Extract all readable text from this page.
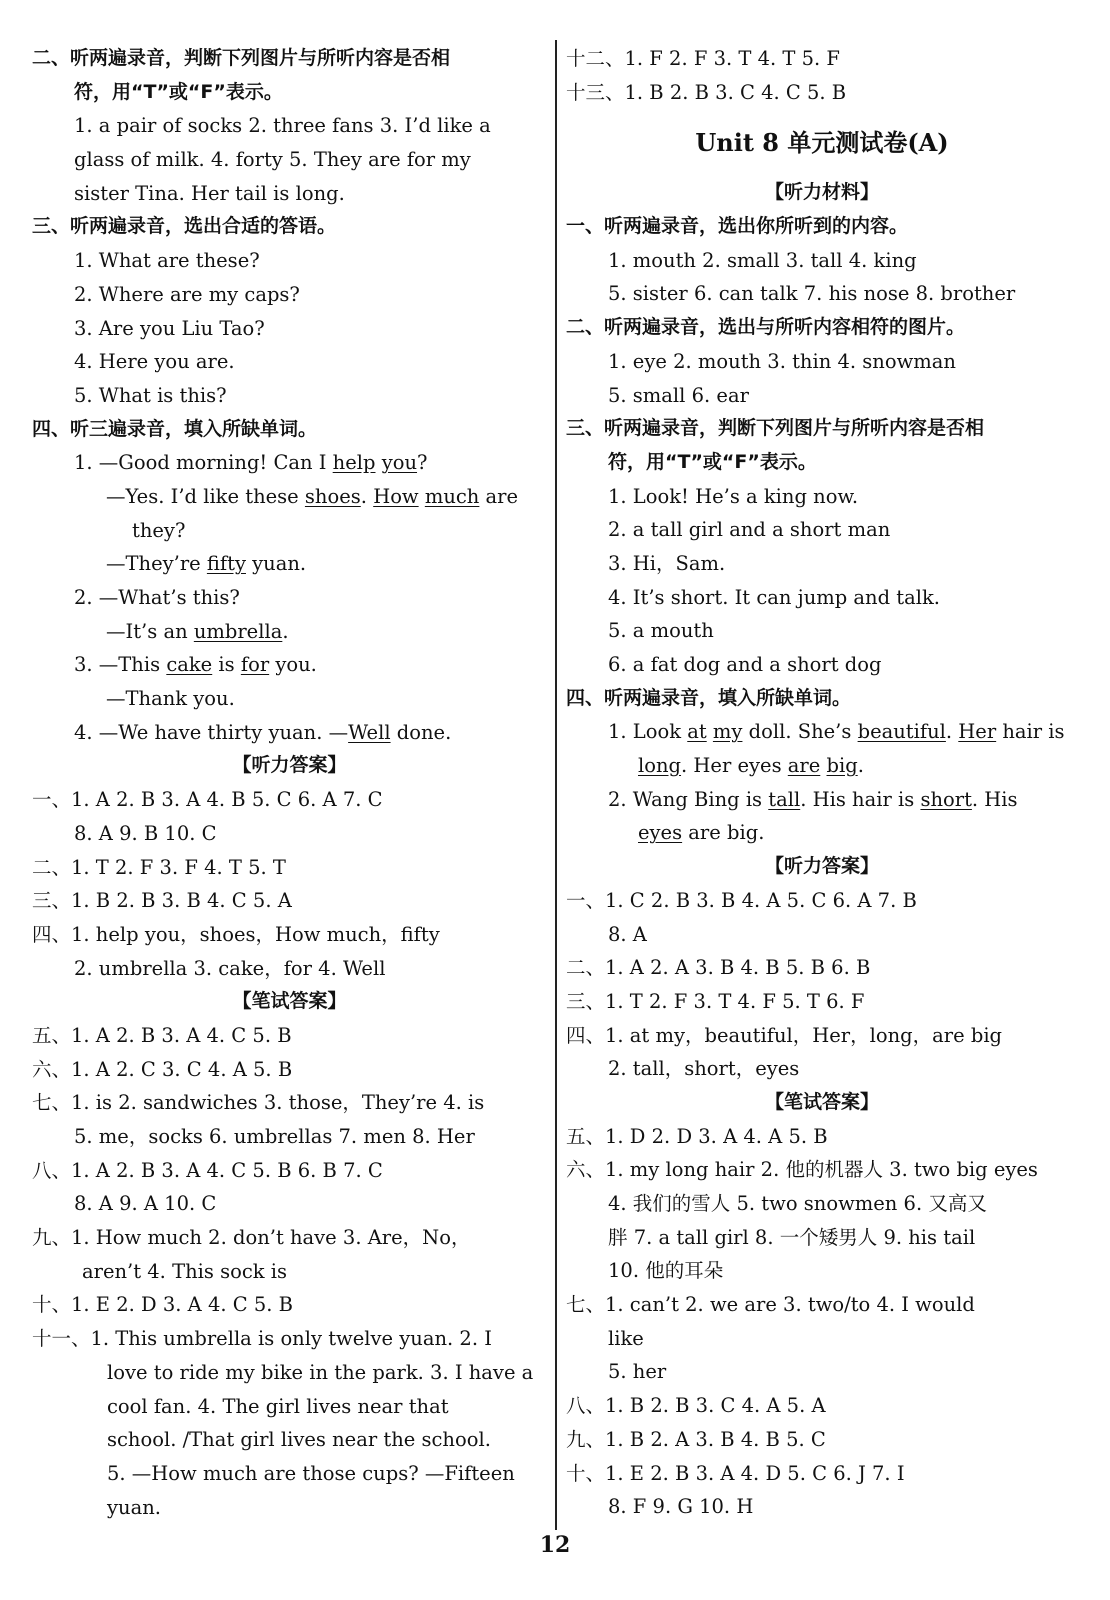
二、听两遍录音，判断下列图片与所听内容是否相
符，用“T”或“F”表示。
1. a pair of socks 2. three fans 3. I’d like a
glass of milk. 4. forty 5. They are for my
sister Tina. Her tail is long.
三、听两遍录音，选出合适的答语。
1. What are these?
2. Where are my caps?
3. Are you Liu Tao?
4. Here you are.
5. What is this?
四、听三遍录音，填入所缺单词。
1. —Good morning! Can I help you?
—Yes. I’d like these shoes. How much are
they?
—They’re fifty yuan.
2. —What’s this?
—It’s an umbrella.
3. —This cake is for you.
—Thank you.
4. —We have thirty yuan. —Well done.
【听力答案】
一、1. A 2. B 3. A 4. B 5. C 6. A 7. C
8. A 9. B 10. C
二、1. T 2. F 3. F 4. T 5. T
三、1. B 2. B 3. B 4. C 5. A
四、1. help you，shoes，How much，fifty
2. umbrella 3. cake，for 4. Well
【笔试答案】
五、1. A 2. B 3. A 4. C 5. B
六、1. A 2. C 3. C 4. A 5. B
七、1. is 2. sandwiches 3. those，They’re 4. is
5. me，socks 6. umbrellas 7. men 8. Her
八、1. A 2. B 3. A 4. C 5. B 6. B 7. C
8. A 9. A 10. C
九、1. How much 2. don’t have 3. Are，No，
aren’t 4. This sock is
十、1. E 2. D 3. A 4. C 5. B
十一、1. This umbrella is only twelve yuan. 2. I
love to ride my bike in the park. 3. I have a
cool fan. 4. The girl lives near that
school. /That girl lives near the school.
5. —How much are those cups? —Fifteen
yuan.
十二、1. F 2. F 3. T 4. T 5. F
十三、1. B 2. B 3. C 4. C 5. B
Unit 8 单元测试卷(A)
【听力材料】
一、听两遍录音，选出你所听到的内容。
1. mouth 2. small 3. tall 4. king
5. sister 6. can talk 7. his nose 8. brother
二、听两遍录音，选出与所听内容相符的图片。
1. eye 2. mouth 3. thin 4. snowman
5. small 6. ear
三、听两遍录音，判断下列图片与所听内容是否相
符，用“T”或“F”表示。
1. Look! He’s a king now.
2. a tall girl and a short man
3. Hi，Sam.
4. It’s short. It can jump and talk.
5. a mouth
6. a fat dog and a short dog
四、听两遍录音，填入所缺单词。
1. Look at my doll. She’s beautiful. Her hair is
long. Her eyes are big.
2. Wang Bing is tall. His hair is short. His
eyes are big.
【听力答案】
一、1. C 2. B 3. B 4. A 5. C 6. A 7. B
8. A
二、1. A 2. A 3. B 4. B 5. B 6. B
三、1. T 2. F 3. T 4. F 5. T 6. F
四、1. at my，beautiful，Her，long，are big
2. tall，short，eyes
【笔试答案】
五、1. D 2. D 3. A 4. A 5. B
六、1. my long hair 2. 他的机器人 3. two big eyes
4. 我们的雪人 5. two snowmen 6. 又高又
胖 7. a tall girl 8. 一个矮男人 9. his tail
10. 他的耳朵
七、1. can’t 2. we are 3. two/to 4. I would
like
5. her
八、1. B 2. B 3. C 4. A 5. A
九、1. B 2. A 3. B 4. B 5. C
十、1. E 2. B 3. A 4. D 5. C 6. J 7. I
8. F 9. G 10. H
12
